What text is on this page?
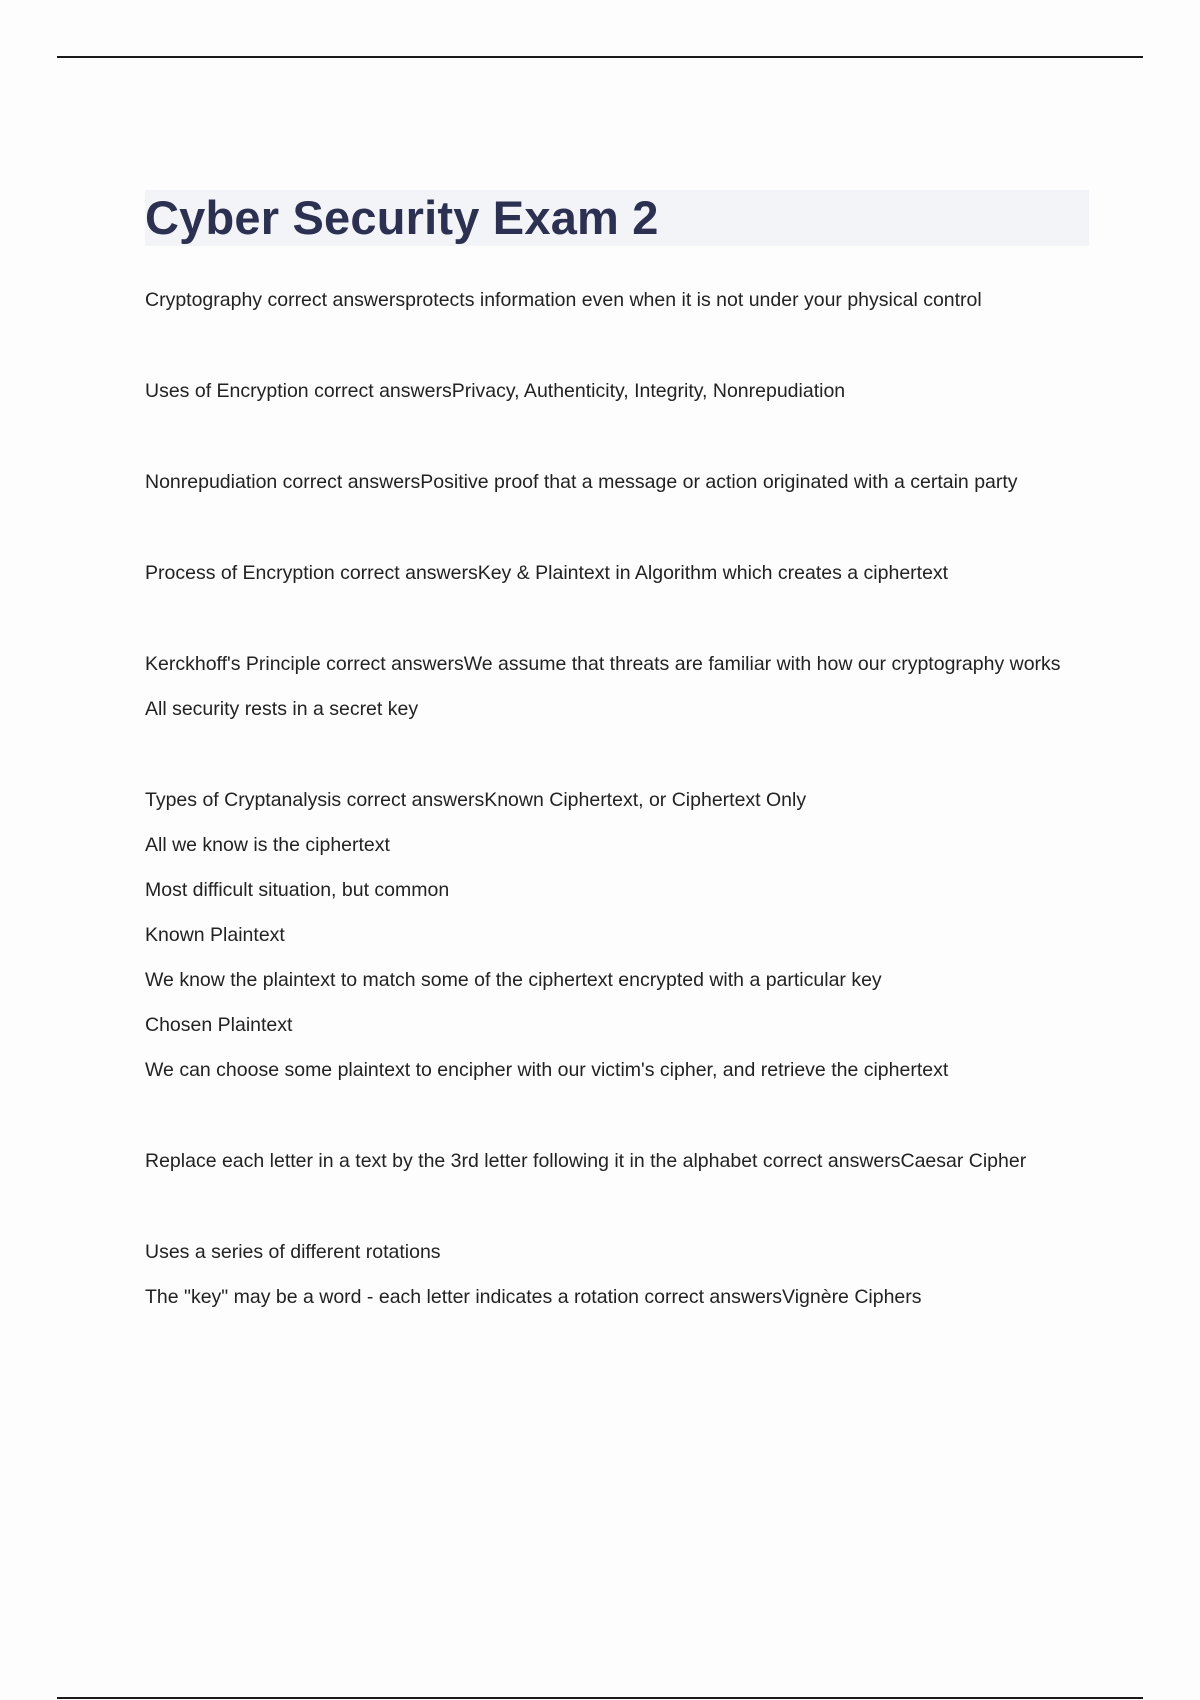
Cyber Security Exam 2

Cryptography correct answersprotects information even when it is not under your physical control

Uses of Encryption correct answersPrivacy, Authenticity, Integrity, Nonrepudiation

Nonrepudiation correct answersPositive proof that a message or action originated with a certain party

Process of Encryption correct answersKey & Plaintext in Algorithm which creates a ciphertext

Kerckhoff's Principle correct answersWe assume that threats are familiar with how our cryptography works

All security rests in a secret key

Types of Cryptanalysis correct answersKnown Ciphertext, or Ciphertext Only

All we know is the ciphertext

Most difficult situation, but common

Known Plaintext

We know the plaintext to match some of the ciphertext encrypted with a particular key

Chosen Plaintext

We can choose some plaintext to encipher with our victim's cipher, and retrieve the ciphertext

Replace each letter in a text by the 3rd letter following it in the alphabet correct answersCaesar Cipher

Uses a series of different rotations

The "key" may be a word - each letter indicates a rotation correct answersVignère Ciphers
